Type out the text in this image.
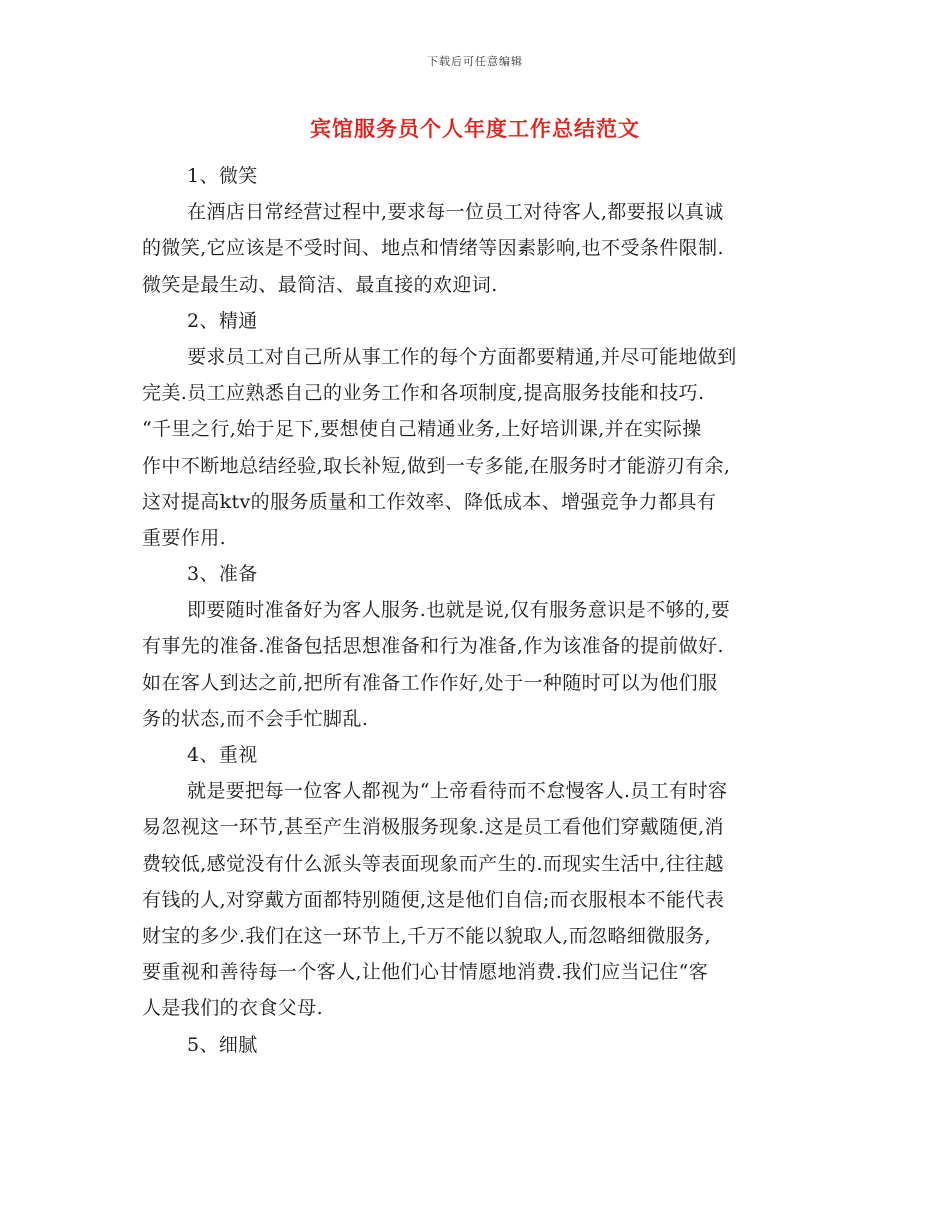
下载后可任意编辑
宾馆服务员个人年度工作总结范文
1、微笑
在酒店日常经营过程中,要求每一位员工对待客人,都要报以真诚
的微笑,它应该是不受时间、地点和情绪等因素影响,也不受条件限制.
微笑是最生动、最简洁、最直接的欢迎词.
2、精通
要求员工对自己所从事工作的每个方面都要精通,并尽可能地做到
完美.员工应熟悉自己的业务工作和各项制度,提高服务技能和技巧.
“千里之行,始于足下,要想使自己精通业务,上好培训课,并在实际操
作中不断地总结经验,取长补短,做到一专多能,在服务时才能游刃有余,
这对提高ktv的服务质量和工作效率、降低成本、增强竞争力都具有
重要作用.
3、准备
即要随时准备好为客人服务.也就是说,仅有服务意识是不够的,要
有事先的准备.准备包括思想准备和行为准备,作为该准备的提前做好.
如在客人到达之前,把所有准备工作作好,处于一种随时可以为他们服
务的状态,而不会手忙脚乱.
4、重视
就是要把每一位客人都视为“上帝看待而不怠慢客人.员工有时容
易忽视这一环节,甚至产生消极服务现象.这是员工看他们穿戴随便,消
费较低,感觉没有什么派头等表面现象而产生的.而现实生活中,往往越
有钱的人,对穿戴方面都特别随便,这是他们自信;而衣服根本不能代表
财宝的多少.我们在这一环节上,千万不能以貌取人,而忽略细微服务,
要重视和善待每一个客人,让他们心甘情愿地消费.我们应当记住“客
人是我们的衣食父母.
5、细腻
